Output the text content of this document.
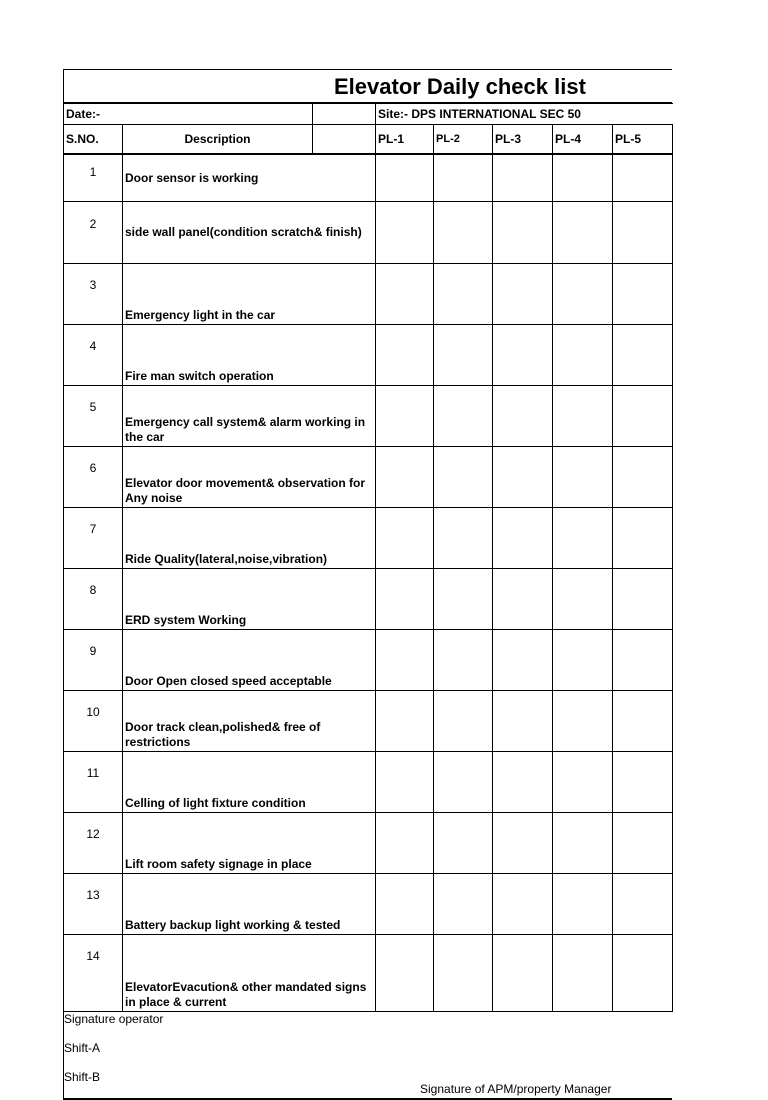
Elevator Daily check list
Date:-			Site:- DPS INTERNATIONAL SEC 50				
S.NO.	Description		PL-1	PL-2	PL-3	PL-4	PL-5
1	Door sensor is working					
2	side wall panel(condition scratch& finish)					
3	Emergency light in the car					
4	Fire man switch operation					
5	Emergency call system& alarm working in the car					
6	Elevator door movement& observation for Any noise					
7	Ride Quality(lateral,noise,vibration)					
8	ERD system Working					
9	Door Open closed speed acceptable					
10	Door track clean,polished& free of restrictions					
11	Celling of light fixture condition					
12	Lift room safety signage in place					
13	Battery backup light working & tested					
14	ElevatorEvacution& other mandated signs in place & current					
Signature operator
Shift-A
Shift-B
Signature of APM/property Manager
